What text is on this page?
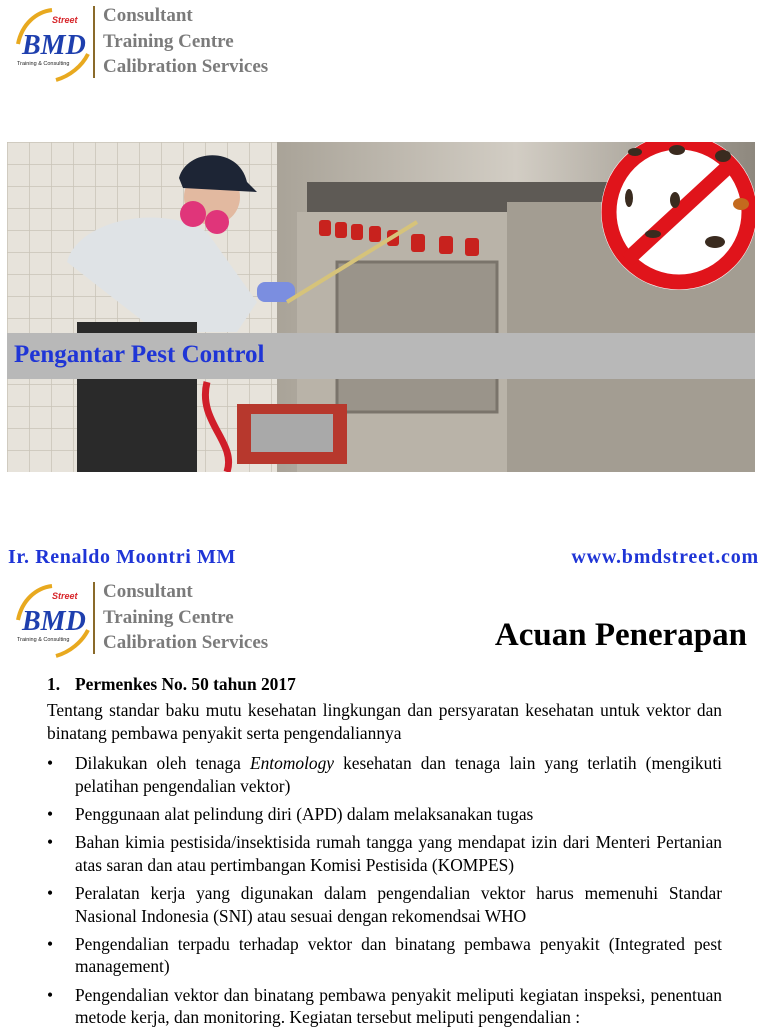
Street
BMD
Training & Consulting
Consultant
Training Centre
Calibration Services
Pengantar Pest Control
Ir. Renaldo Moontri MM	www.bmdstreet.com
Street
BMD
Training & Consulting
Consultant
Training Centre
Calibration Services	Acuan Penerapan
1. Permenkes No. 50 tahun 2017
Tentang standar baku mutu kesehatan lingkungan dan persyaratan kesehatan untuk vektor dan binatang pembawa penyakit serta pengendaliannya
• Dilakukan oleh tenaga Entomology kesehatan dan tenaga lain yang terlatih (mengikuti pelatihan pengendalian vektor)
• Penggunaan alat pelindung diri (APD) dalam melaksanakan tugas
• Bahan kimia pestisida/insektisida rumah tangga yang mendapat izin dari Menteri Pertanian atas saran dan atau pertimbangan Komisi Pestisida (KOMPES)
• Peralatan kerja yang digunakan dalam pengendalian vektor harus memenuhi Standar Nasional Indonesia (SNI) atau sesuai dengan rekomendsai WHO
• Pengendalian terpadu terhadap vektor dan binatang pembawa penyakit (Integrated pest management)
• Pengendalian vektor dan binatang pembawa penyakit meliputi kegiatan inspeksi, penentuan metode kerja, dan monitoring. Kegiatan tersebut meliputi pengendalian :
